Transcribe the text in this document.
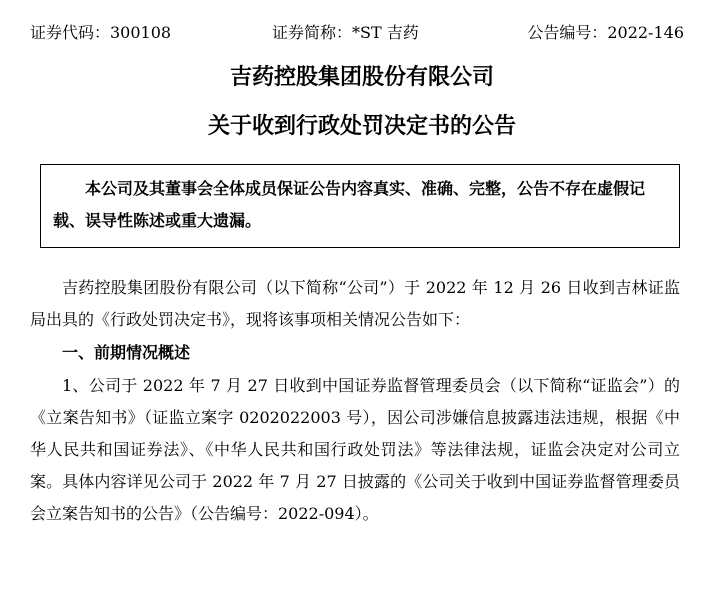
证券代码：300108	证券简称：*ST 吉药	公告编号：2022-146
吉药控股集团股份有限公司
关于收到行政处罚决定书的公告
本公司及其董事会全体成员保证公告内容真实、准确、完整，公告不存在虚假记载、误导性陈述或重大遗漏。

吉药控股集团股份有限公司（以下简称“公司”）于 2022 年 12 月 26 日收到吉林证监局出具的《行政处罚决定书》，现将该事项相关情况公告如下：

一、前期情况概述

1、公司于 2022 年 7 月 27 日收到中国证券监督管理委员会（以下简称“证监会”）的《立案告知书》（证监立案字 0202022003 号），因公司涉嫌信息披露违法违规，根据《中华人民共和国证券法》、《中华人民共和国行政处罚法》等法律法规，证监会决定对公司立案。具体内容详见公司于 2022 年 7 月 27 日披露的《公司关于收到中国证券监督管理委员会立案告知书的公告》（公告编号：2022-094）。
